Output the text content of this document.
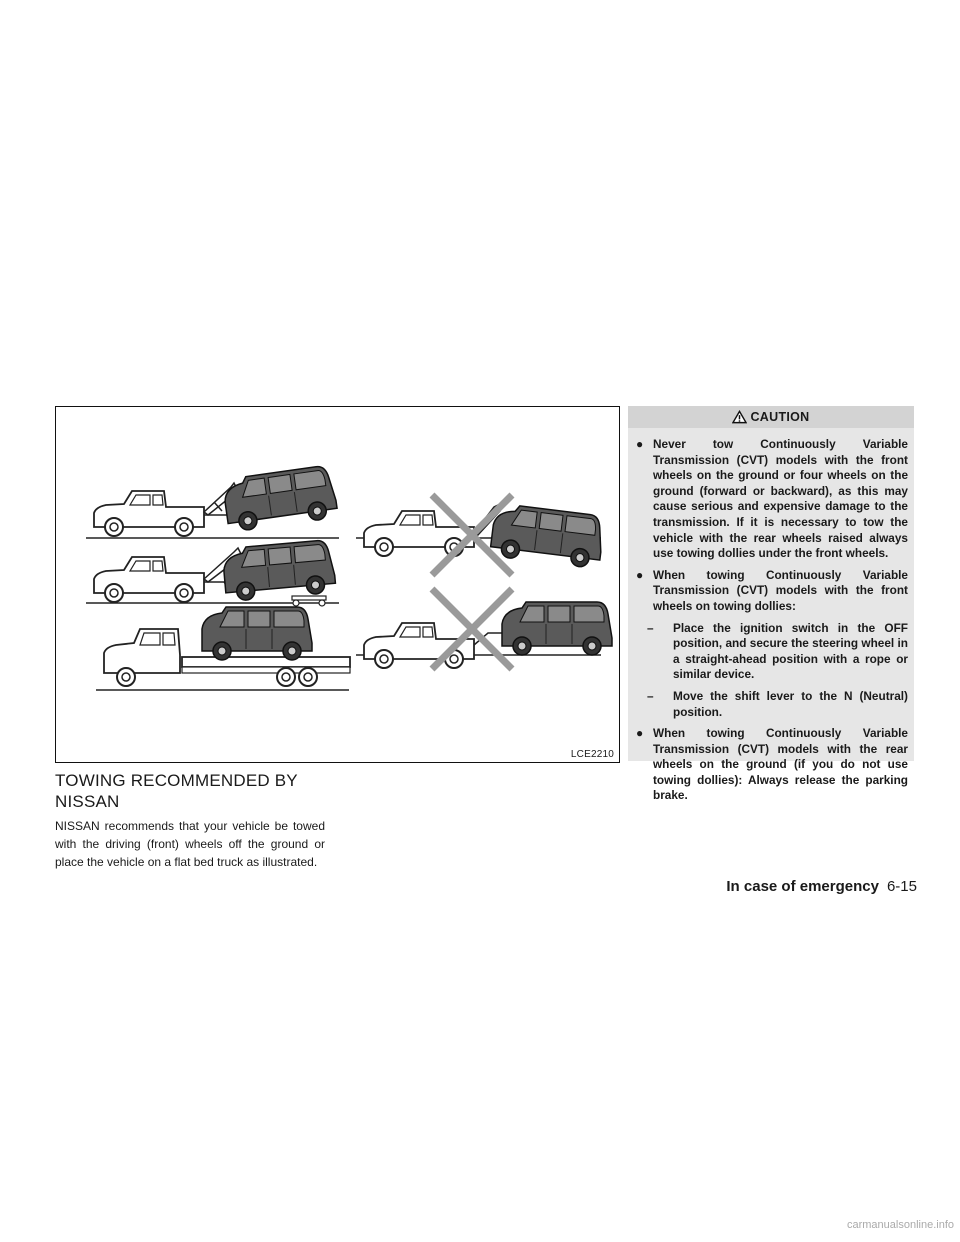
LCE2210
TOWING RECOMMENDED BY NISSAN

NISSAN recommends that your vehicle be towed with the driving (front) wheels off the ground or place the vehicle on a flat bed truck as illustrated.

CAUTION
● Never tow Continuously Variable Transmission (CVT) models with the front wheels on the ground or four wheels on the ground (forward or backward), as this may cause serious and expensive damage to the transmission. If it is necessary to tow the vehicle with the rear wheels raised always use towing dollies under the front wheels.
● When towing Continuously Variable Transmission (CVT) models with the front wheels on towing dollies:
– Place the ignition switch in the OFF position, and secure the steering wheel in a straight-ahead position with a rope or similar device.
– Move the shift lever to the N (Neutral) position.
● When towing Continuously Variable Transmission (CVT) models with the rear wheels on the ground (if you do not use towing dollies): Always release the parking brake.
In case of emergency 6-15
carmanualsonline.info
